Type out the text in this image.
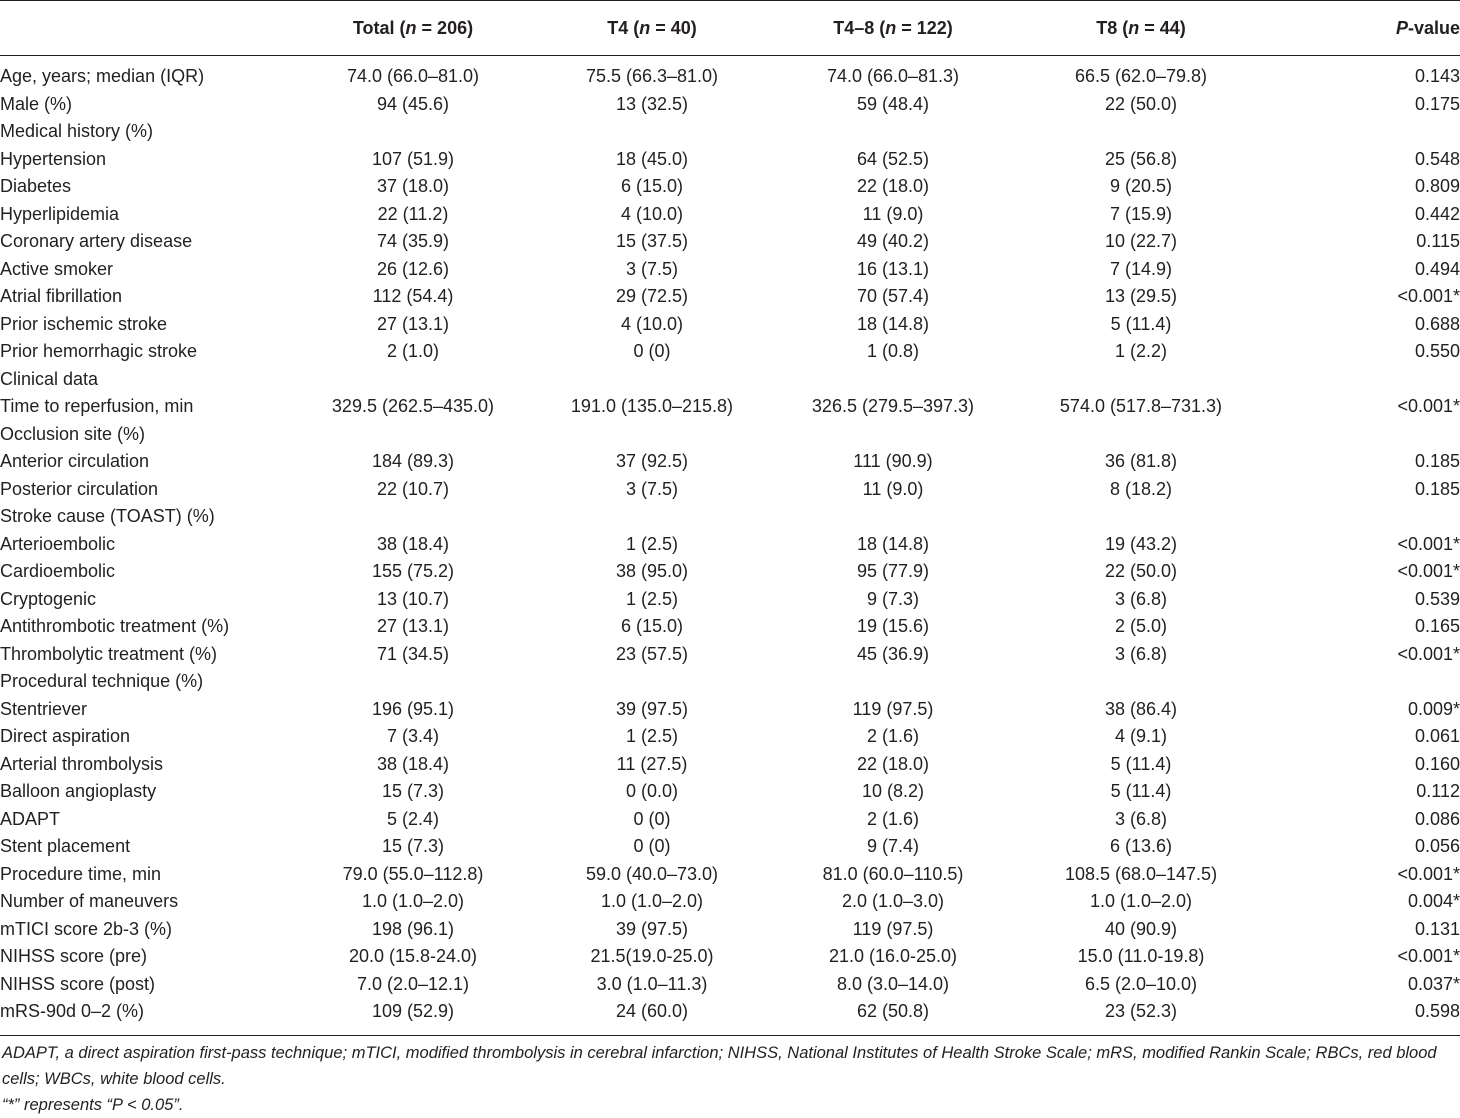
	Total (n = 206)	T4 (n = 40)	T4–8 (n = 122)	T8 (n = 44)	P-value
Age, years; median (IQR)	74.0 (66.0–81.0)	75.5 (66.3–81.0)	74.0 (66.0–81.3)	66.5 (62.0–79.8)	0.143
Male (%)	94 (45.6)	13 (32.5)	59 (48.4)	22 (50.0)	0.175
Medical history (%)					
Hypertension	107 (51.9)	18 (45.0)	64 (52.5)	25 (56.8)	0.548
Diabetes	37 (18.0)	6 (15.0)	22 (18.0)	9 (20.5)	0.809
Hyperlipidemia	22 (11.2)	4 (10.0)	11 (9.0)	7 (15.9)	0.442
Coronary artery disease	74 (35.9)	15 (37.5)	49 (40.2)	10 (22.7)	0.115
Active smoker	26 (12.6)	3 (7.5)	16 (13.1)	7 (14.9)	0.494
Atrial fibrillation	112 (54.4)	29 (72.5)	70 (57.4)	13 (29.5)	<0.001*
Prior ischemic stroke	27 (13.1)	4 (10.0)	18 (14.8)	5 (11.4)	0.688
Prior hemorrhagic stroke	2 (1.0)	0 (0)	1 (0.8)	1 (2.2)	0.550
Clinical data					
Time to reperfusion, min	329.5 (262.5–435.0)	191.0 (135.0–215.8)	326.5 (279.5–397.3)	574.0 (517.8–731.3)	<0.001*
Occlusion site (%)					
Anterior circulation	184 (89.3)	37 (92.5)	111 (90.9)	36 (81.8)	0.185
Posterior circulation	22 (10.7)	3 (7.5)	11 (9.0)	8 (18.2)	0.185
Stroke cause (TOAST) (%)					
Arterioembolic	38 (18.4)	1 (2.5)	18 (14.8)	19 (43.2)	<0.001*
Cardioembolic	155 (75.2)	38 (95.0)	95 (77.9)	22 (50.0)	<0.001*
Cryptogenic	13 (10.7)	1 (2.5)	9 (7.3)	3 (6.8)	0.539
Antithrombotic treatment (%)	27 (13.1)	6 (15.0)	19 (15.6)	2 (5.0)	0.165
Thrombolytic treatment (%)	71 (34.5)	23 (57.5)	45 (36.9)	3 (6.8)	<0.001*
Procedural technique (%)					
Stentriever	196 (95.1)	39 (97.5)	119 (97.5)	38 (86.4)	0.009*
Direct aspiration	7 (3.4)	1 (2.5)	2 (1.6)	4 (9.1)	0.061
Arterial thrombolysis	38 (18.4)	11 (27.5)	22 (18.0)	5 (11.4)	0.160
Balloon angioplasty	15 (7.3)	0 (0.0)	10 (8.2)	5 (11.4)	0.112
ADAPT	5 (2.4)	0 (0)	2 (1.6)	3 (6.8)	0.086
Stent placement	15 (7.3)	0 (0)	9 (7.4)	6 (13.6)	0.056
Procedure time, min	79.0 (55.0–112.8)	59.0 (40.0–73.0)	81.0 (60.0–110.5)	108.5 (68.0–147.5)	<0.001*
Number of maneuvers	1.0 (1.0–2.0)	1.0 (1.0–2.0)	2.0 (1.0–3.0)	1.0 (1.0–2.0)	0.004*
mTICI score 2b-3 (%)	198 (96.1)	39 (97.5)	119 (97.5)	40 (90.9)	0.131
NIHSS score (pre)	20.0 (15.8-24.0)	21.5(19.0-25.0)	21.0 (16.0-25.0)	15.0 (11.0-19.8)	<0.001*
NIHSS score (post)	7.0 (2.0–12.1)	3.0 (1.0–11.3)	8.0 (3.0–14.0)	6.5 (2.0–10.0)	0.037*
mRS-90d 0–2 (%)	109 (52.9)	24 (60.0)	62 (50.8)	23 (52.3)	0.598

ADAPT, a direct aspiration first-pass technique; mTICI, modified thrombolysis in cerebral infarction; NIHSS, National Institutes of Health Stroke Scale; mRS, modified Rankin Scale; RBCs, red blood cells; WBCs, white blood cells.

“*” represents “P < 0.05”.
